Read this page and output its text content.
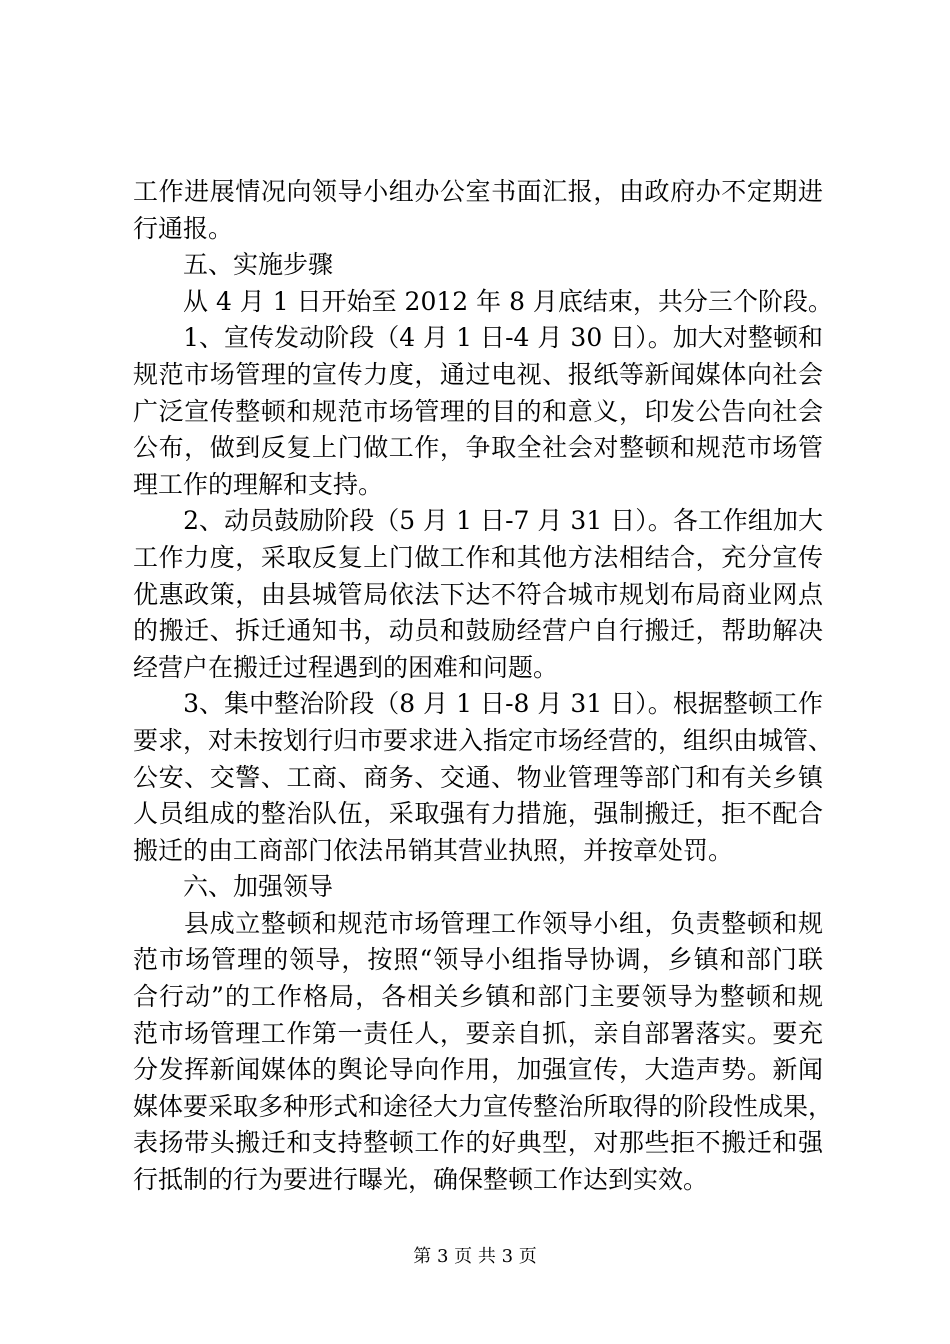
工作进展情况向领导小组办公室书面汇报，由政府办不定期进
行通报。
　　五、实施步骤
　　从 4 月 1 日开始至 2012 年 8 月底结束，共分三个阶段。
　　1、宣传发动阶段（4 月 1 日-4 月 30 日）。加大对整顿和
规范市场管理的宣传力度，通过电视、报纸等新闻媒体向社会
广泛宣传整顿和规范市场管理的目的和意义，印发公告向社会
公布，做到反复上门做工作，争取全社会对整顿和规范市场管
理工作的理解和支持。
　　2、动员鼓励阶段（5 月 1 日-7 月 31 日）。各工作组加大
工作力度，采取反复上门做工作和其他方法相结合，充分宣传
优惠政策，由县城管局依法下达不符合城市规划布局商业网点
的搬迁、拆迁通知书，动员和鼓励经营户自行搬迁，帮助解决
经营户在搬迁过程遇到的困难和问题。
　　3、集中整治阶段（8 月 1 日-8 月 31 日）。根据整顿工作
要求，对未按划行归市要求进入指定市场经营的，组织由城管、
公安、交警、工商、商务、交通、物业管理等部门和有关乡镇
人员组成的整治队伍，采取强有力措施，强制搬迁，拒不配合
搬迁的由工商部门依法吊销其营业执照，并按章处罚。
　　六、加强领导
　　县成立整顿和规范市场管理工作领导小组，负责整顿和规
范市场管理的领导，按照“领导小组指导协调，乡镇和部门联
合行动”的工作格局，各相关乡镇和部门主要领导为整顿和规
范市场管理工作第一责任人，要亲自抓，亲自部署落实。要充
分发挥新闻媒体的舆论导向作用，加强宣传，大造声势。新闻
媒体要采取多种形式和途径大力宣传整治所取得的阶段性成果，
表扬带头搬迁和支持整顿工作的好典型，对那些拒不搬迁和强
行抵制的行为要进行曝光，确保整顿工作达到实效。
第 3 页 共 3 页
